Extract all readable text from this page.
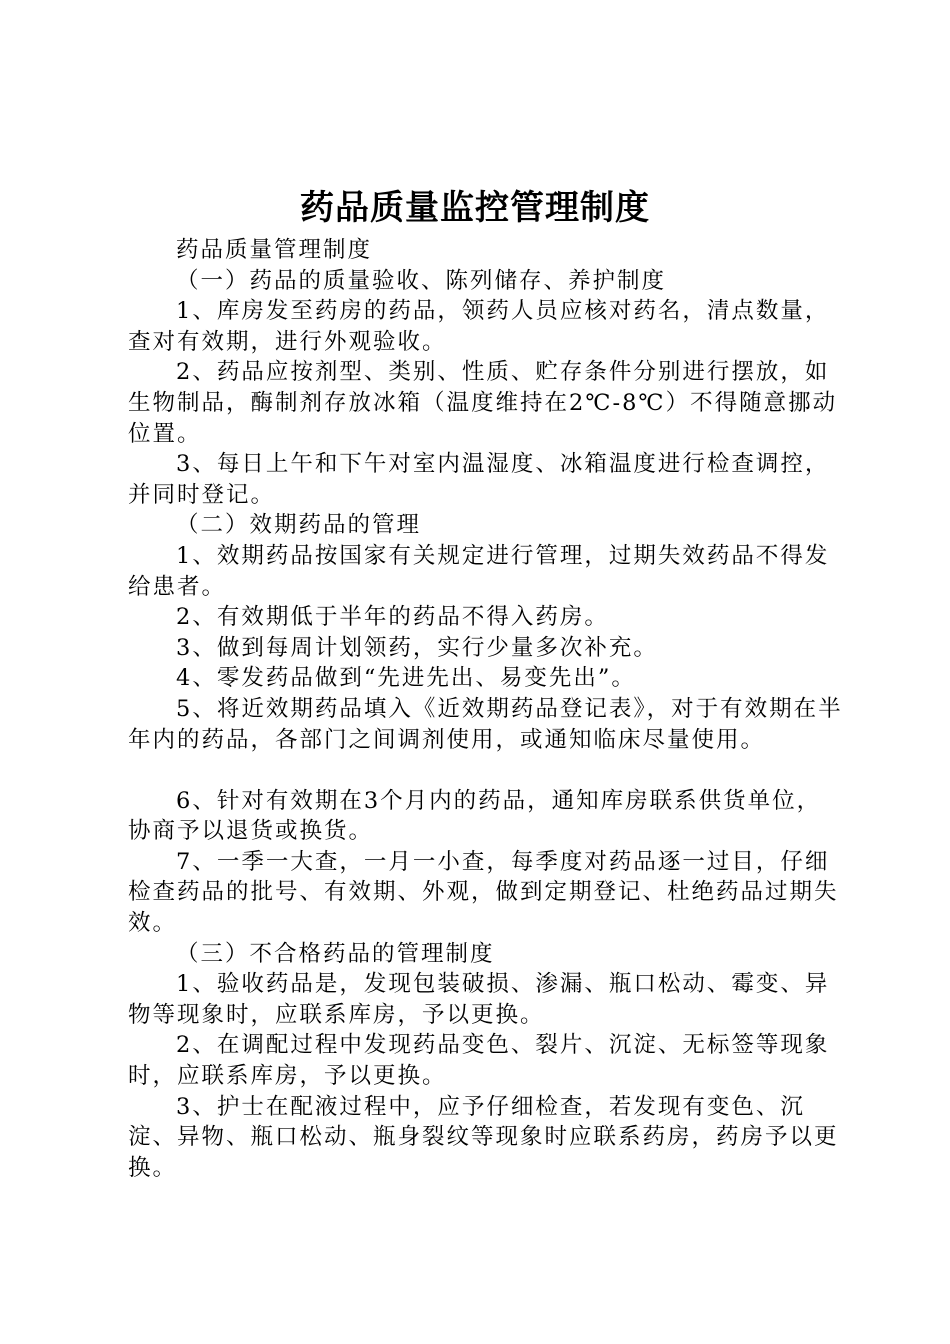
药品质量监控管理制度

药品质量管理制度

（一）药品的质量验收、陈列储存、养护制度

1、库房发至药房的药品，领药人员应核对药名，清点数量，查对有效期，进行外观验收。

2、药品应按剂型、类别、性质、贮存条件分别进行摆放，如生物制品，酶制剂存放冰箱（温度维持在2℃-8℃）不得随意挪动位置。

3、每日上午和下午对室内温湿度、冰箱温度进行检查调控，并同时登记。

（二）效期药品的管理

1、效期药品按国家有关规定进行管理，过期失效药品不得发给患者。

2、有效期低于半年的药品不得入药房。

3、做到每周计划领药，实行少量多次补充。

4、零发药品做到“先进先出、易变先出”。

5、将近效期药品填入《近效期药品登记表》，对于有效期在半年内的药品，各部门之间调剂使用，或通知临床尽量使用。

6、针对有效期在3个月内的药品，通知库房联系供货单位，协商予以退货或换货。

7、一季一大查，一月一小查，每季度对药品逐一过目，仔细检查药品的批号、有效期、外观，做到定期登记、杜绝药品过期失效。

（三）不合格药品的管理制度

1、验收药品是，发现包装破损、渗漏、瓶口松动、霉变、异物等现象时，应联系库房，予以更换。

2、在调配过程中发现药品变色、裂片、沉淀、无标签等现象时，应联系库房，予以更换。

3、护士在配液过程中，应予仔细检查，若发现有变色、沉淀、异物、瓶口松动、瓶身裂纹等现象时应联系药房，药房予以更换。
